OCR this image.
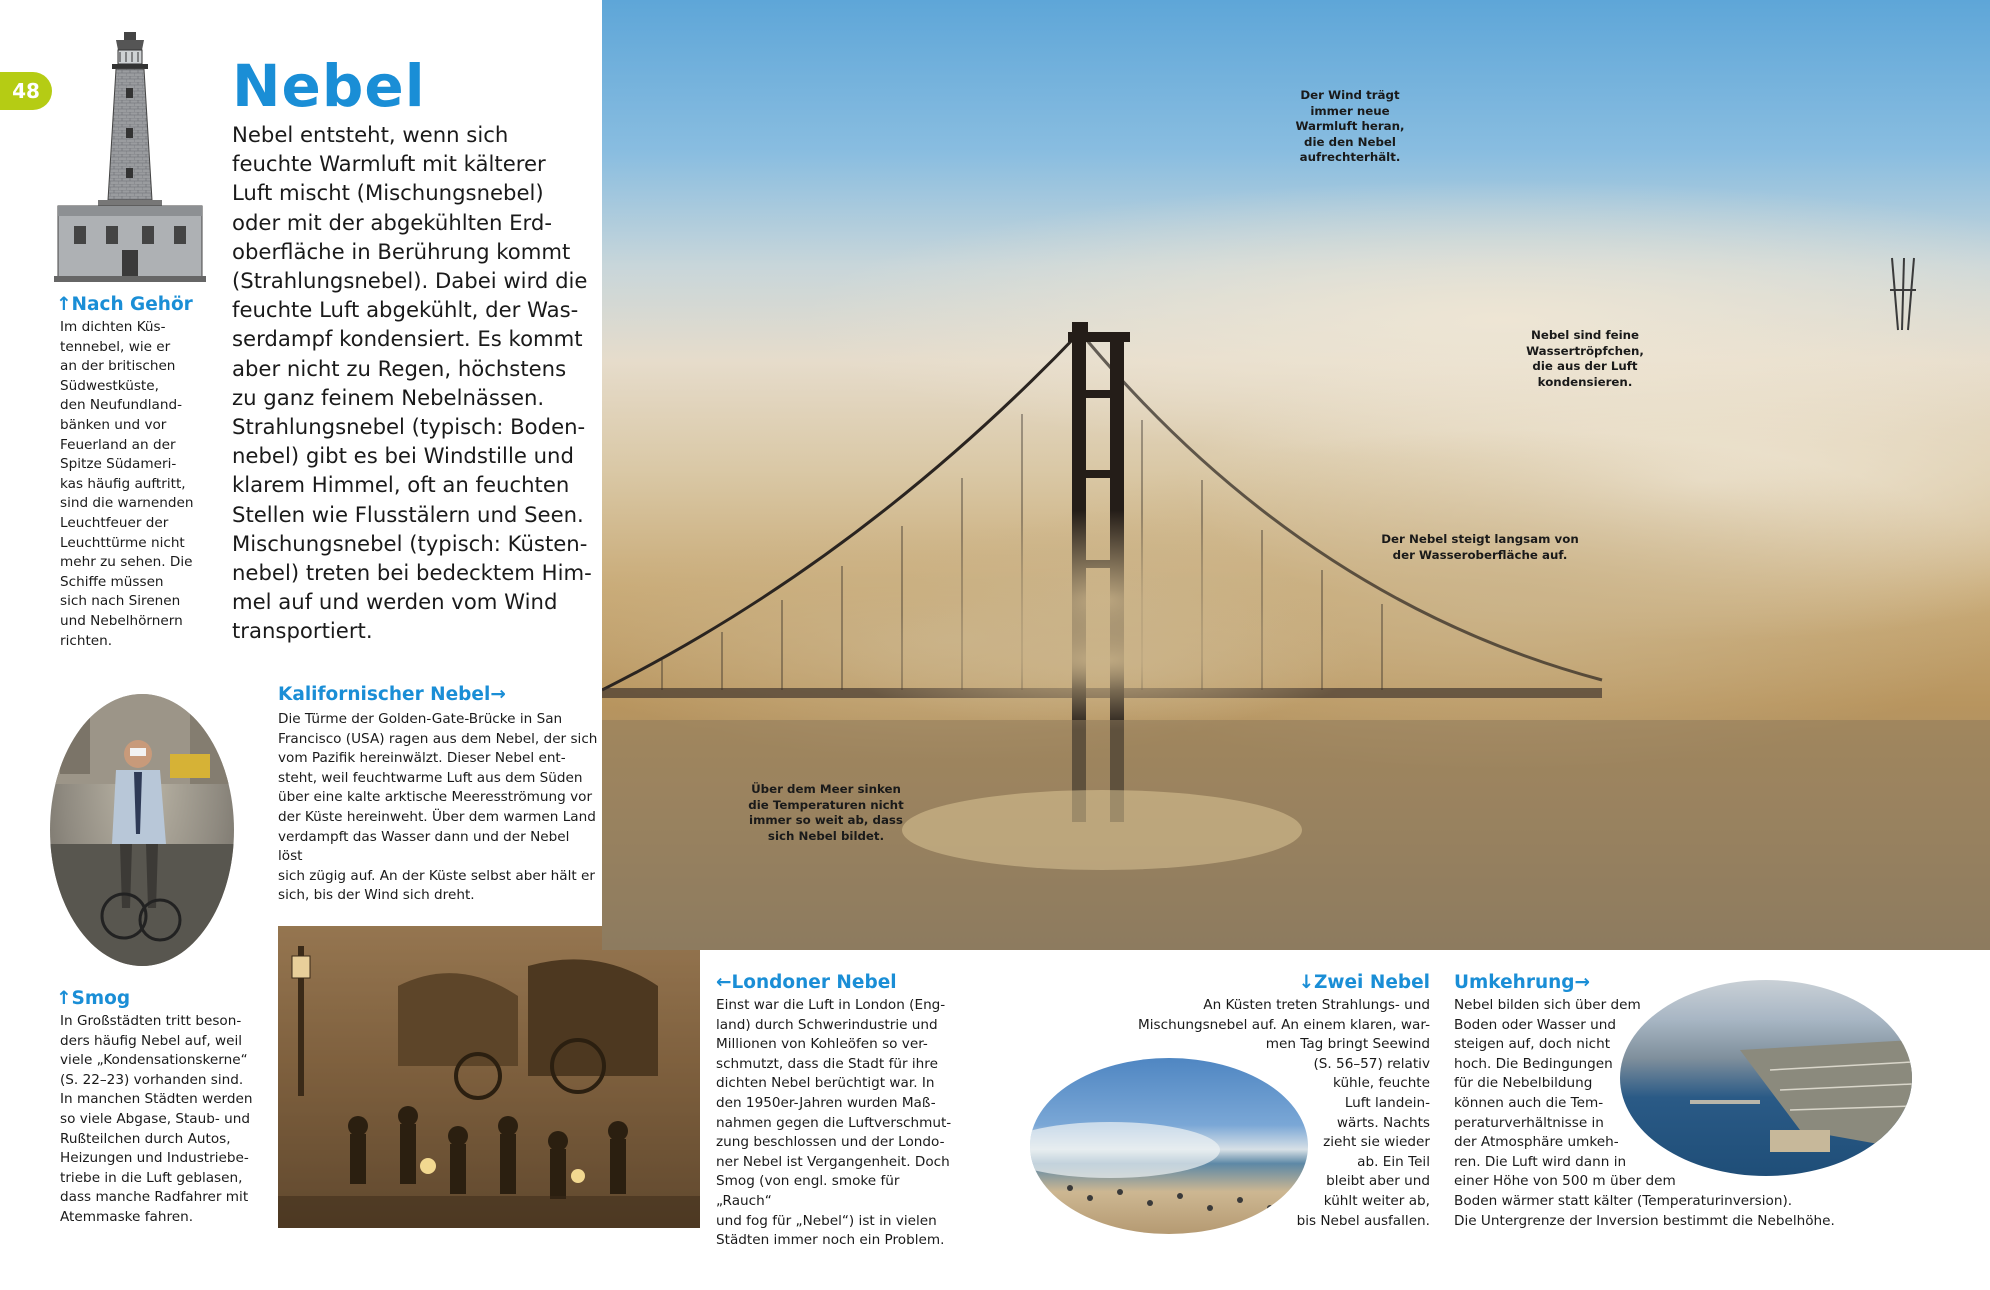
48	Nebel
Nebel entsteht, wenn sich
feuchte Warmluft mit kälterer
Luft mischt (Mischungsnebel)
oder mit der abgekühlten Erd-
oberfläche in Berührung kommt
(Strahlungsnebel). Dabei wird die
feuchte Luft abgekühlt, der Was-
serdampf kondensiert. Es kommt
aber nicht zu Regen, höchstens
zu ganz feinem Nebelnässen.
Strahlungsnebel (typisch: Boden-
nebel) gibt es bei Windstille und
klarem Himmel, oft an feuchten
Stellen wie Flusstälern und Seen.
Mischungsnebel (typisch: Küsten-
nebel) treten bei bedecktem Him-
mel auf und werden vom Wind
transportiert.
↑Nach Gehör
Im dichten Küs-
tennebel, wie er
an der britischen
Südwestküste,
den Neufundland-
bänken und vor
Feuerland an der
Spitze Südameri-
kas häufig auftritt,
sind die warnenden
Leuchtfeuer der
Leuchttürme nicht
mehr zu sehen. Die
Schiffe müssen
sich nach Sirenen
und Nebelhörnern
richten.
Kalifornischer Nebel→
Die Türme der Golden-Gate-Brücke in San
Francisco (USA) ragen aus dem Nebel, der sich
vom Pazifik hereinwälzt. Dieser Nebel ent-
steht, weil feuchtwarme Luft aus dem Süden
über eine kalte arktische Meeresströmung vor
der Küste hereinweht. Über dem warmen Land
verdampft das Wasser dann und der Nebel löst
sich zügig auf. An der Küste selbst aber hält er
sich, bis der Wind sich dreht.
↑Smog
In Großstädten tritt beson-
ders häufig Nebel auf, weil
viele „Kondensationskerne“
(S. 22–23) vorhanden sind.
In manchen Städten werden
so viele Abgase, Staub- und
Rußteilchen durch Autos,
Heizungen und Industriebe-
triebe in die Luft geblasen,
dass manche Radfahrer mit
Atemmaske fahren.
Der Wind trägt
immer neue
Warmluft heran,
die den Nebel
aufrechterhält.
Nebel sind feine
Wassertröpfchen,
die aus der Luft
kondensieren.
Der Nebel steigt langsam von
der Wasseroberfläche auf.
Über dem Meer sinken
die Temperaturen nicht
immer so weit ab, dass
sich Nebel bildet.
←Londoner Nebel
Einst war die Luft in London (Eng-
land) durch Schwerindustrie und
Millionen von Kohleöfen so ver-
schmutzt, dass die Stadt für ihre
dichten Nebel berüchtigt war. In
den 1950er-Jahren wurden Maß-
nahmen gegen die Luftverschmut-
zung beschlossen und der Londo-
ner Nebel ist Vergangenheit. Doch
Smog (von engl. smoke für „Rauch“
und fog für „Nebel“) ist in vielen
Städten immer noch ein Problem.
↓Zwei Nebel
An Küsten treten Strahlungs- und
Mischungsnebel auf. An einem klaren, war-
men Tag bringt Seewind
(S. 56–57) relativ
kühle, feuchte
Luft landein-
wärts. Nachts
zieht sie wieder
ab. Ein Teil
bleibt aber und
kühlt weiter ab,
bis Nebel ausfallen.
Umkehrung→
Nebel bilden sich über dem
Boden oder Wasser und
steigen auf, doch nicht
hoch. Die Bedingungen
für die Nebelbildung
können auch die Tem-
peraturverhältnisse in
der Atmosphäre umkeh-
ren. Die Luft wird dann in
einer Höhe von 500 m über dem
Boden wärmer statt kälter (Temperaturinversion).
Die Untergrenze der Inversion bestimmt die Nebelhöhe.
